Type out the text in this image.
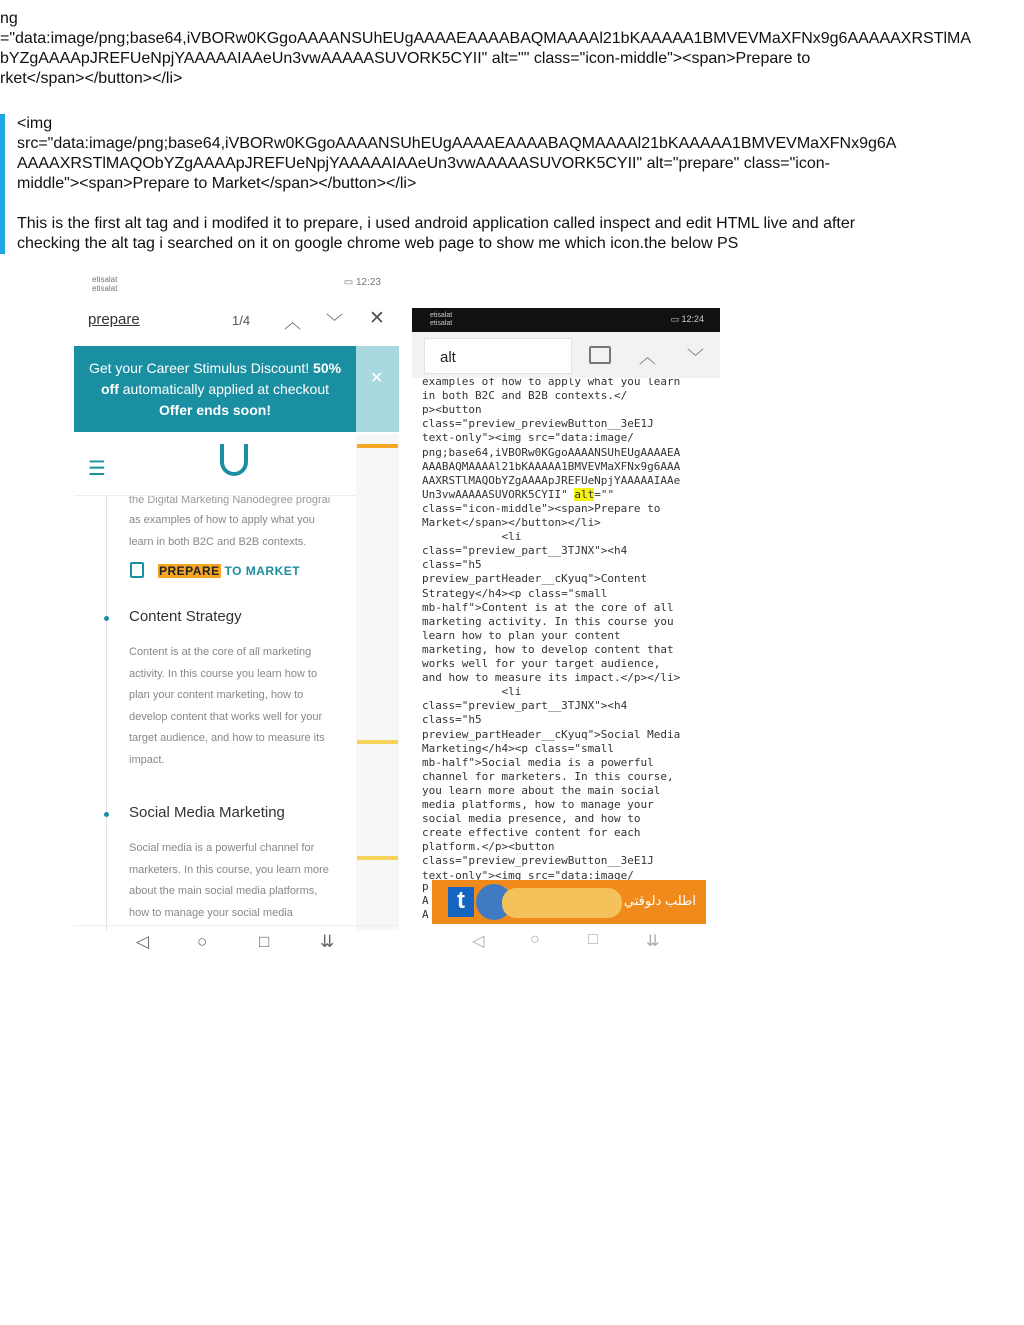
ng
="data:image/png;base64,iVBORw0KGgoAAAANSUhEUgAAAAEAAAABAQMAAAAl21bKAAAAA1BMVEVMaXFNx9g6AAAAAXRSTlMA
bYZgAAAApJREFUeNpjYAAAAAIAAeUn3vwAAAAASUVORK5CYII" alt="" class="icon-middle"><span>Prepare to
rket</span></button></li>

<img

src="data:image/png;base64,iVBORw0KGgoAAAANSUhEUgAAAAEAAAABAQMAAAAl21bKAAAAA1BMVEVMaXFNx9g6A

AAAAXRSTlMAQObYZgAAAApJREFUeNpjYAAAAAIAAeUn3vwAAAAASUVORK5CYII" alt="prepare" class="icon-

middle"><span>Prepare to Market</span></button></li>

This is the first alt tag and i modifed it to prepare, i used android application called inspect and edit HTML live and after

checking the alt tag i searched on it on google chrome web page to show me which icon.the below PS

etisalat
etisalat
▭ 12:23
prepare	1/4 ︿ ﹀ ✕
Get your Career Stimulus Discount! 50%
off automatically applied at checkout
Offer ends soon!
✕
☰
the Digital Marketing Nanodegree prograi
as examples of how to apply what you
learn in both B2C and B2B contexts.
PREPARE TO MARKET
Content Strategy
Content is at the core of all marketing
activity. In this course you learn how to
plan your content marketing, how to
develop content that works well for your
target audience, and how to measure its
impact.
Social Media Marketing
Social media is a powerful channel for
marketers. In this course, you learn more
about the main social media platforms,
how to manage your social media
◁	○	□	⇊
etisalat
etisalat	▭ 12:24
alt	︿ ﹀
examples of how to apply what you learn
in both B2C and B2B contexts.</
p><button
class="preview_previewButton__3eE1J
text-only"><img src="data:image/
png;base64,iVBORw0KGgoAAAANSUhEUgAAAAEA
AAABAQMAAAAl21bKAAAAA1BMVEVMaXFNx9g6AAA
AAXRSTlMAQObYZgAAAApJREFUeNpjYAAAAAIAAe
Un3vwAAAAASUVORK5CYII" alt=""
class="icon-middle"><span>Prepare to
Market</span></button></li>
<li
class="preview_part__3TJNX"><h4
class="h5
preview_partHeader__cKyuq">Content
Strategy</h4><p class="small
mb-half">Content is at the core of all
marketing activity. In this course you
learn how to plan your content
marketing, how to develop content that
works well for your target audience,
and how to measure its impact.</p></li>
<li
class="preview_part__3TJNX"><h4
class="h5
preview_partHeader__cKyuq">Social Media
Marketing</h4><p class="small
mb-half">Social media is a powerful
channel for marketers. In this course,
you learn more about the main social
media platforms, how to manage your
social media presence, and how to
create effective content for each
platform.</p><button
class="preview_previewButton__3eE1J
text-only"><img src="data:image/
t	اطلب دلوقتي
p
A
A
◁	○	□	⇊
